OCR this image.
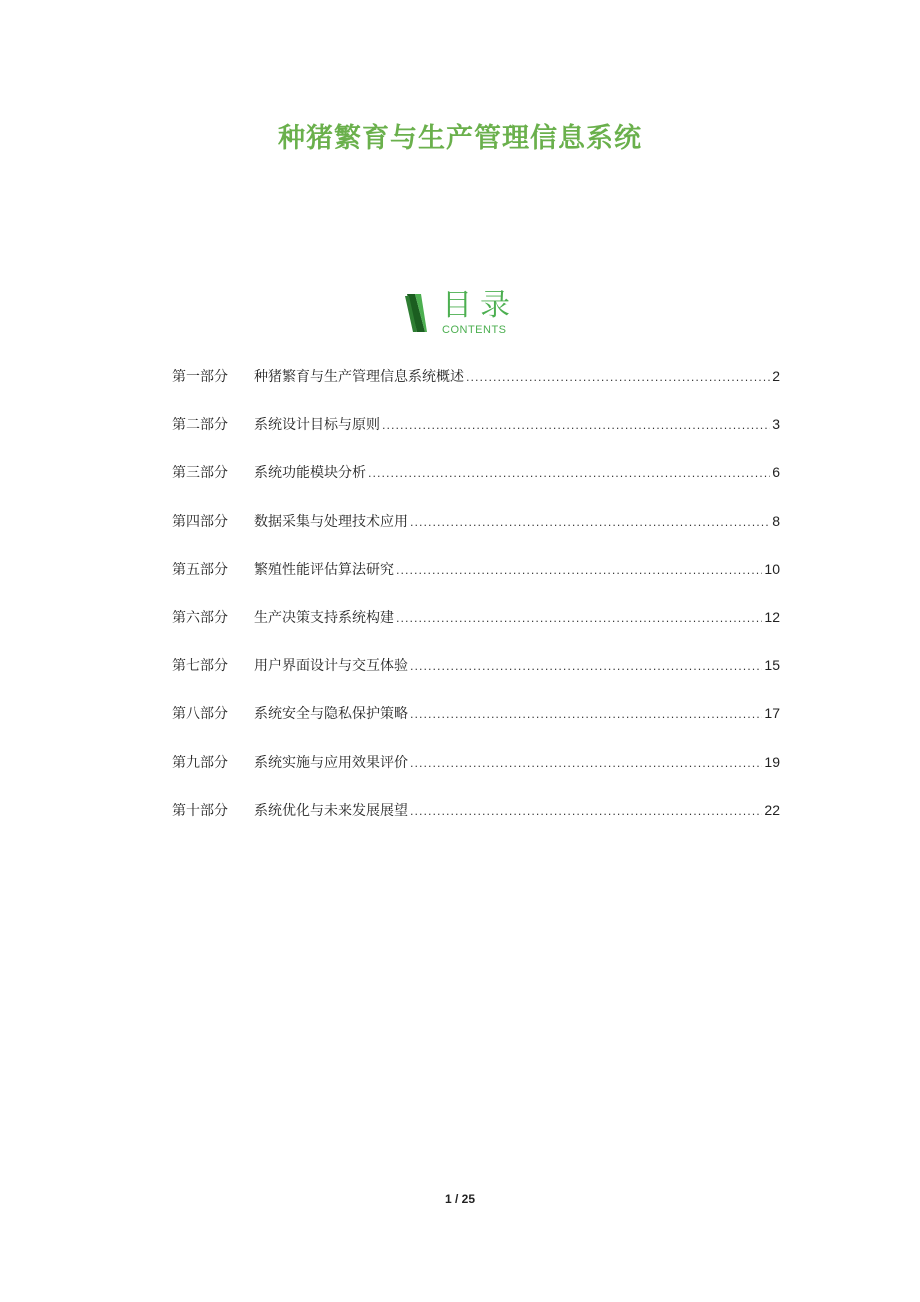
种猪繁育与生产管理信息系统
目录
CONTENTS
第一部分	种猪繁育与生产管理信息系统概述 .....	2
第二部分	系统设计目标与原则 .....	3
第三部分	系统功能模块分析 .....	6
第四部分	数据采集与处理技术应用 .....	8
第五部分	繁殖性能评估算法研究 .....	10
第六部分	生产决策支持系统构建 .....	12
第七部分	用户界面设计与交互体验 .....	15
第八部分	系统安全与隐私保护策略 .....	17
第九部分	系统实施与应用效果评价 .....	19
第十部分	系统优化与未来发展展望 .....	22
1 / 25
